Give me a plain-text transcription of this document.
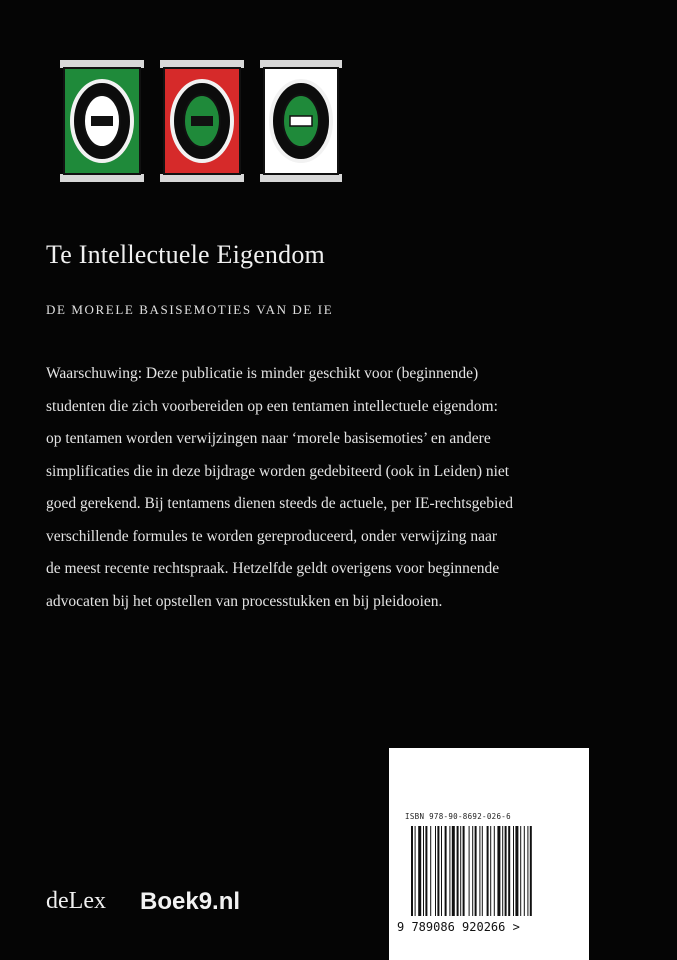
Te Intellectuele Eigendom
DE MORELE BASISEMOTIES VAN DE IE
Waarschuwing: Deze publicatie is minder geschikt voor (beginnende)
studenten die zich voorbereiden op een tentamen intellectuele eigendom:
op tentamen worden verwijzingen naar ‘morele basisemoties’ en andere
simplificaties die in deze bijdrage worden gedebiteerd (ook in Leiden) niet
goed gerekend. Bij tentamens dienen steeds de actuele, per IE-rechtsgebied
verschillende formules te worden gereproduceerd, onder verwijzing naar
de meest recente rechtspraak. Hetzelfde geldt overigens voor beginnende
advocaten bij het opstellen van processtukken en bij pleidooien.
ISBN 978-90-8692-026-6
9 789086 920266 >
deLex Boek9.nl
